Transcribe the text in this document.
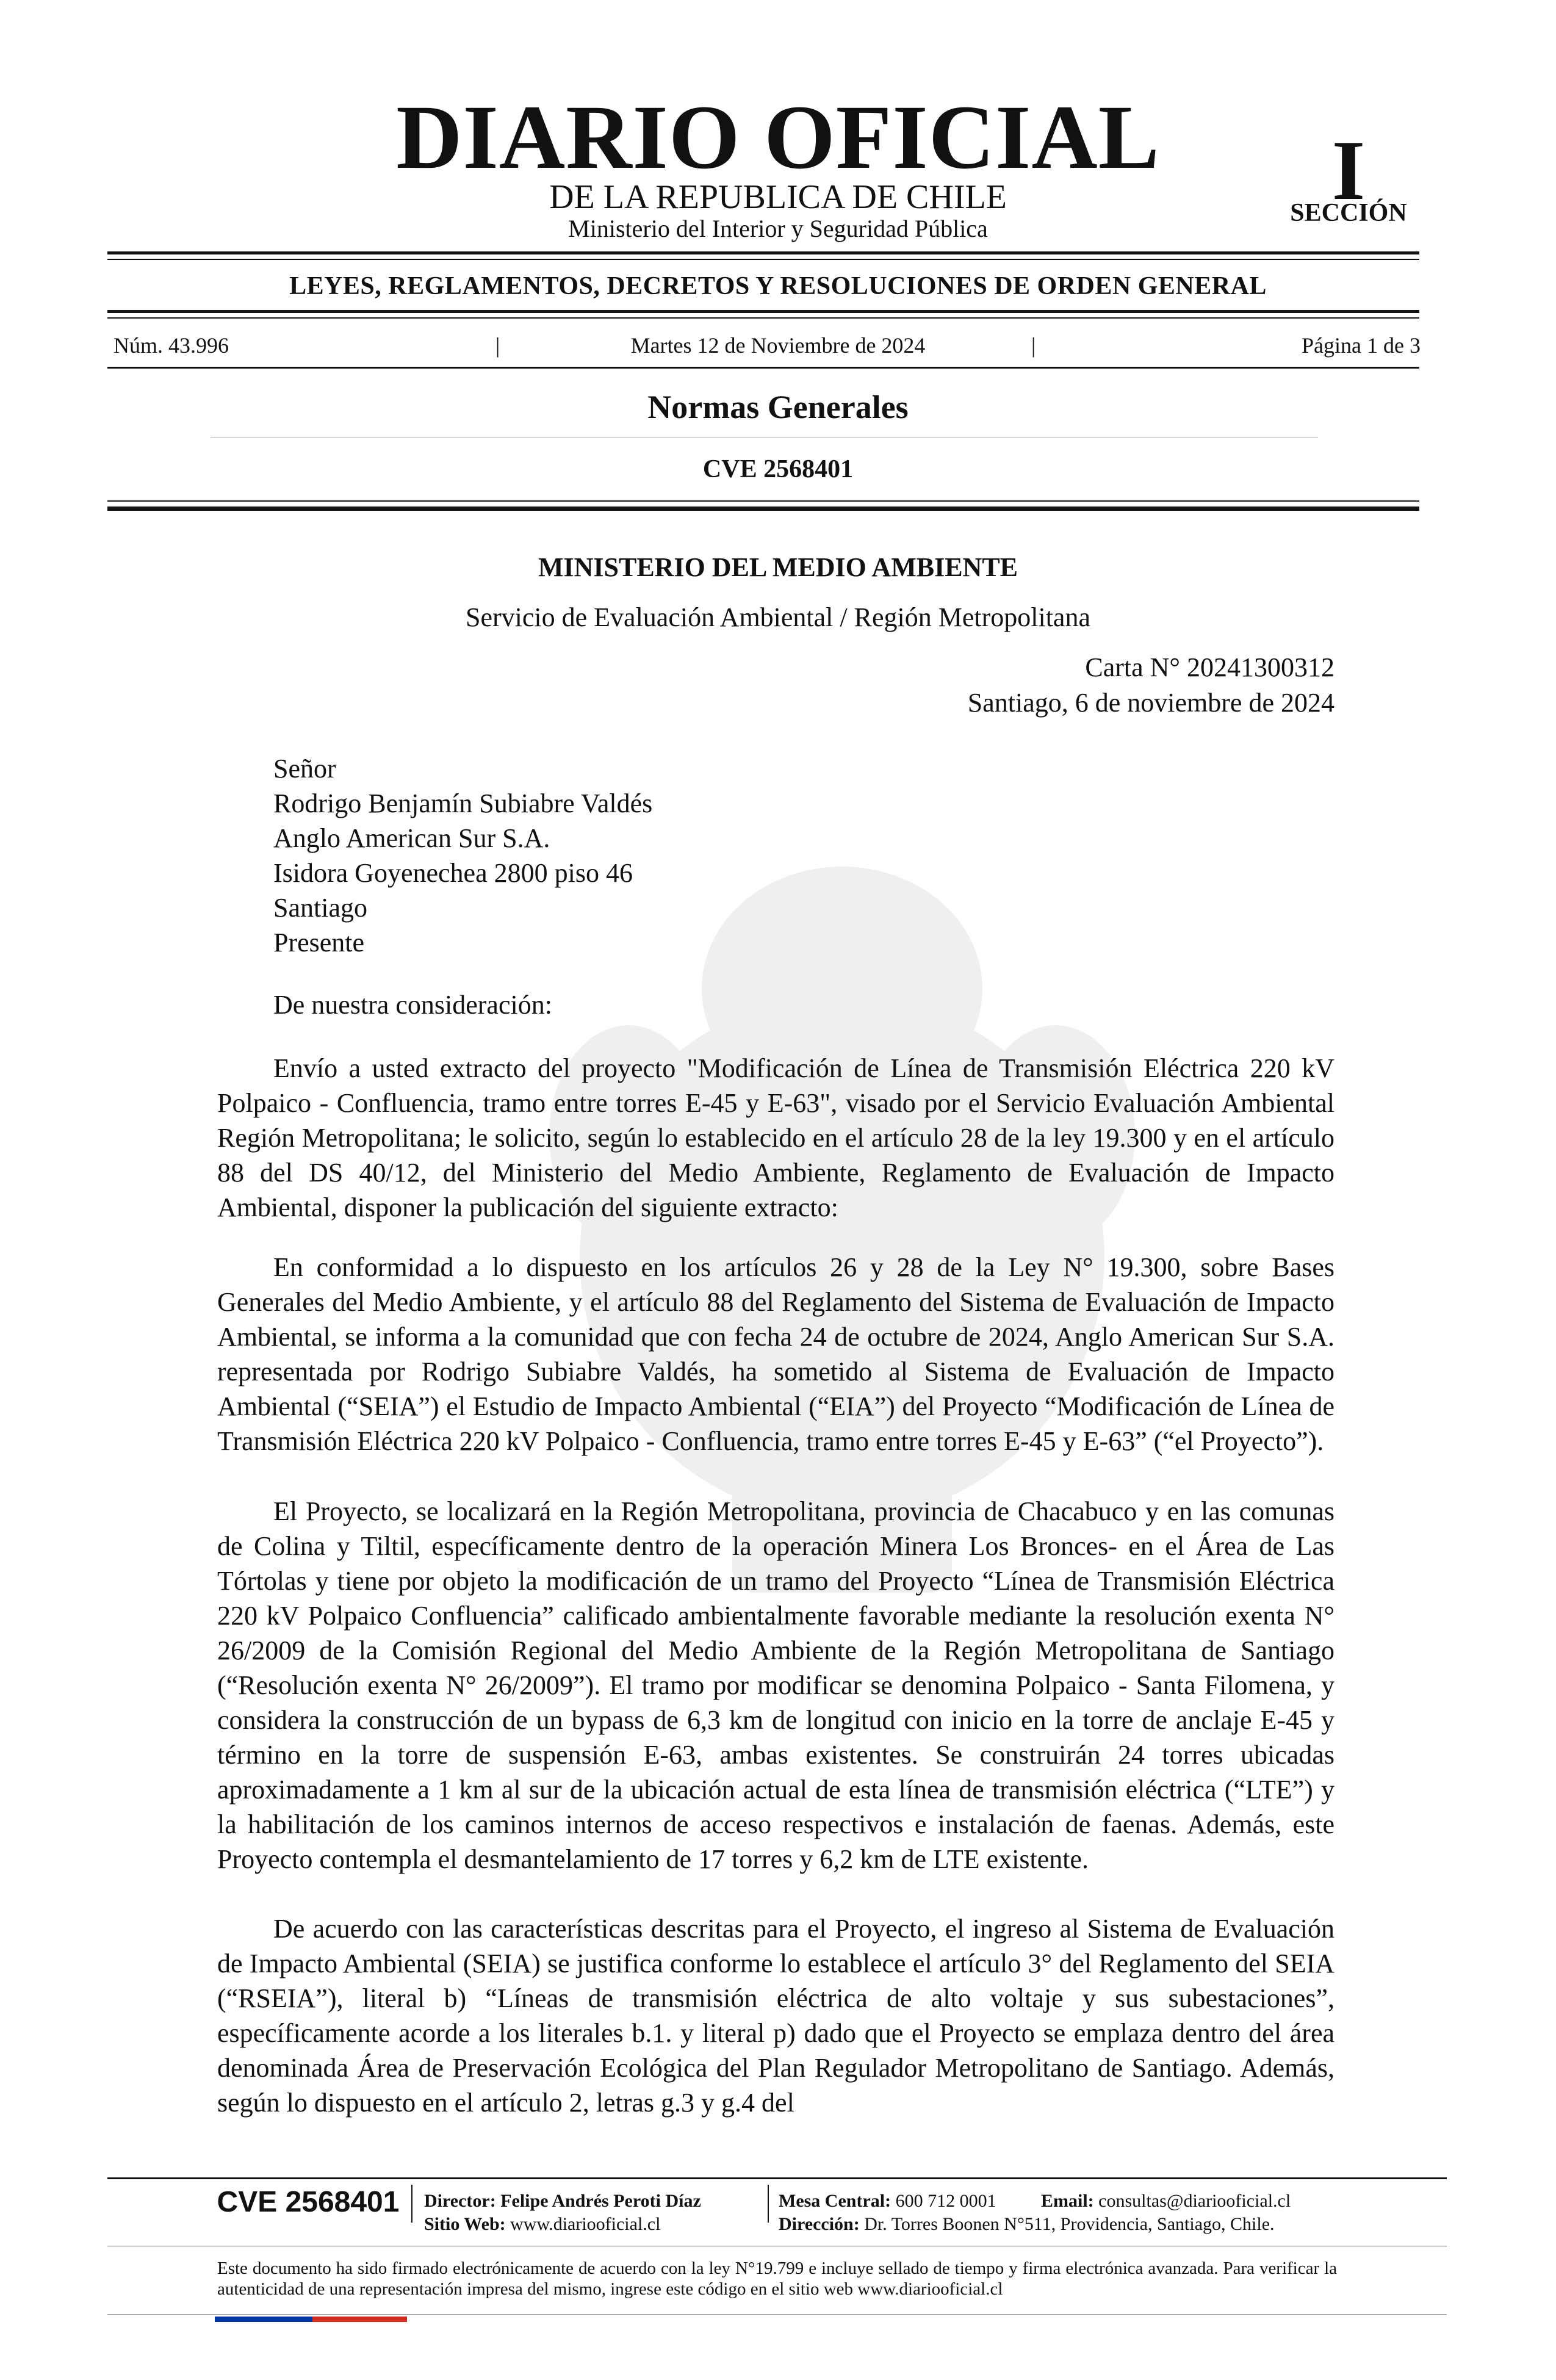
DIARIO OFICIAL
DE LA REPUBLICA DE CHILE
Ministerio del Interior y Seguridad Pública
I
SECCIÓN
LEYES, REGLAMENTOS, DECRETOS Y RESOLUCIONES DE ORDEN GENERAL
Núm. 43.996	|	Martes 12 de Noviembre de 2024	|	Página 1 de 3
Normas Generales
CVE 2568401
MINISTERIO DEL MEDIO AMBIENTE
Servicio de Evaluación Ambiental / Región Metropolitana
Carta N° 20241300312
Santiago, 6 de noviembre de 2024
Señor
Rodrigo Benjamín Subiabre Valdés
Anglo American Sur S.A.
Isidora Goyenechea 2800 piso 46
Santiago
Presente
De nuestra consideración:

Envío a usted extracto del proyecto "Modificación de Línea de Transmisión Eléctrica 220 kV Polpaico - Confluencia, tramo entre torres E-45 y E-63", visado por el Servicio Evaluación Ambiental Región Metropolitana; le solicito, según lo establecido en el artículo 28 de la ley 19.300 y en el artículo 88 del DS 40/12, del Ministerio del Medio Ambiente, Reglamento de Evaluación de Impacto Ambiental, disponer la publicación del siguiente extracto:

En conformidad a lo dispuesto en los artículos 26 y 28 de la Ley N° 19.300, sobre Bases Generales del Medio Ambiente, y el artículo 88 del Reglamento del Sistema de Evaluación de Impacto Ambiental, se informa a la comunidad que con fecha 24 de octubre de 2024, Anglo American Sur S.A. representada por Rodrigo Subiabre Valdés, ha sometido al Sistema de Evaluación de Impacto Ambiental (“SEIA”) el Estudio de Impacto Ambiental (“EIA”) del Proyecto “Modificación de Línea de Transmisión Eléctrica 220 kV Polpaico - Confluencia, tramo entre torres E-45 y E-63” (“el Proyecto”).

El Proyecto, se localizará en la Región Metropolitana, provincia de Chacabuco y en las comunas de Colina y Tiltil, específicamente dentro de la operación Minera Los Bronces- en el Área de Las Tórtolas y tiene por objeto la modificación de un tramo del Proyecto “Línea de Transmisión Eléctrica 220 kV Polpaico Confluencia” calificado ambientalmente favorable mediante la resolución exenta N° 26/2009 de la Comisión Regional del Medio Ambiente de la Región Metropolitana de Santiago (“Resolución exenta N° 26/2009”). El tramo por modificar se denomina Polpaico - Santa Filomena, y considera la construcción de un bypass de 6,3 km de longitud con inicio en la torre de anclaje E-45 y término en la torre de suspensión E-63, ambas existentes. Se construirán 24 torres ubicadas aproximadamente a 1 km al sur de la ubicación actual de esta línea de transmisión eléctrica (“LTE”) y la habilitación de los caminos internos de acceso respectivos e instalación de faenas. Además, este Proyecto contempla el desmantelamiento de 17 torres y 6,2 km de LTE existente.

De acuerdo con las características descritas para el Proyecto, el ingreso al Sistema de Evaluación de Impacto Ambiental (SEIA) se justifica conforme lo establece el artículo 3° del Reglamento del SEIA (“RSEIA”), literal b) “Líneas de transmisión eléctrica de alto voltaje y sus subestaciones”, específicamente acorde a los literales b.1. y literal p) dado que el Proyecto se emplaza dentro del área denominada Área de Preservación Ecológica del Plan Regulador Metropolitano de Santiago. Además, según lo dispuesto en el artículo 2, letras g.3 y g.4 del

CVE 2568401	Director: Felipe Andrés Peroti Díaz
Sitio Web: www.diariooficial.cl
Mesa Central: 600 712 0001 Email: consultas@diariooficial.cl
Dirección: Dr. Torres Boonen N°511, Providencia, Santiago, Chile.

Este documento ha sido firmado electrónicamente de acuerdo con la ley N°19.799 e incluye sellado de tiempo y firma electrónica avanzada. Para verificar la autenticidad de una representación impresa del mismo, ingrese este código en el sitio web www.diariooficial.cl
